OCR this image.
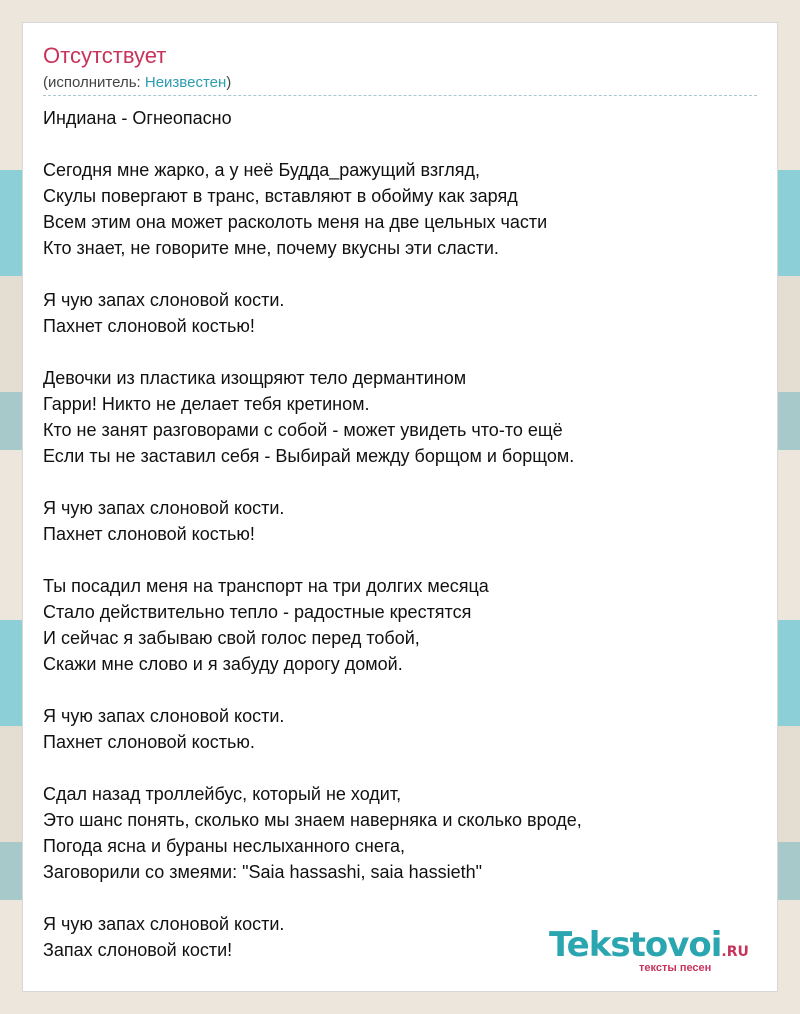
Отсутствует
(исполнитель: Неизвестен)
Индиана - Огнеопасно
Сегодня мне жарко, а у неё Будда_ражущий взгляд,
Скулы повергают в транс, вставляют в обойму как заряд
Всем этим она может расколоть меня на две цельных части
Кто знает, не говорите мне, почему вкусны эти сласти.
Я чую запах слоновой кости.
Пахнет слоновой костью!
Девочки из пластика изощряют тело дермантином
Гарри! Никто не делает тебя кретином.
Кто не занят разговорами с собой - может увидеть что-то ещё
Если ты не заставил себя - Выбирай между борщом и борщом.
Я чую запах слоновой кости.
Пахнет слоновой костью!
Ты посадил меня на транспорт на три долгих месяца
Стало действительно тепло - радостные крестятся
И сейчас я забываю свой голос перед тобой,
Скажи мне слово и я забуду дорогу домой.
Я чую запах слоновой кости.
Пахнет слоновой костью.
Сдал назад троллейбус, который не ходит,
Это шанс понять, сколько мы знаем наверняка и сколько вроде,
Погода ясна и бураны неслыханного снега,
Заговорили со змеями: "Saia hassashi, saia hassieth"
Я чую запах слоновой кости.
Запах слоновой кости!	Tekstovoi.RU
тексты песен
